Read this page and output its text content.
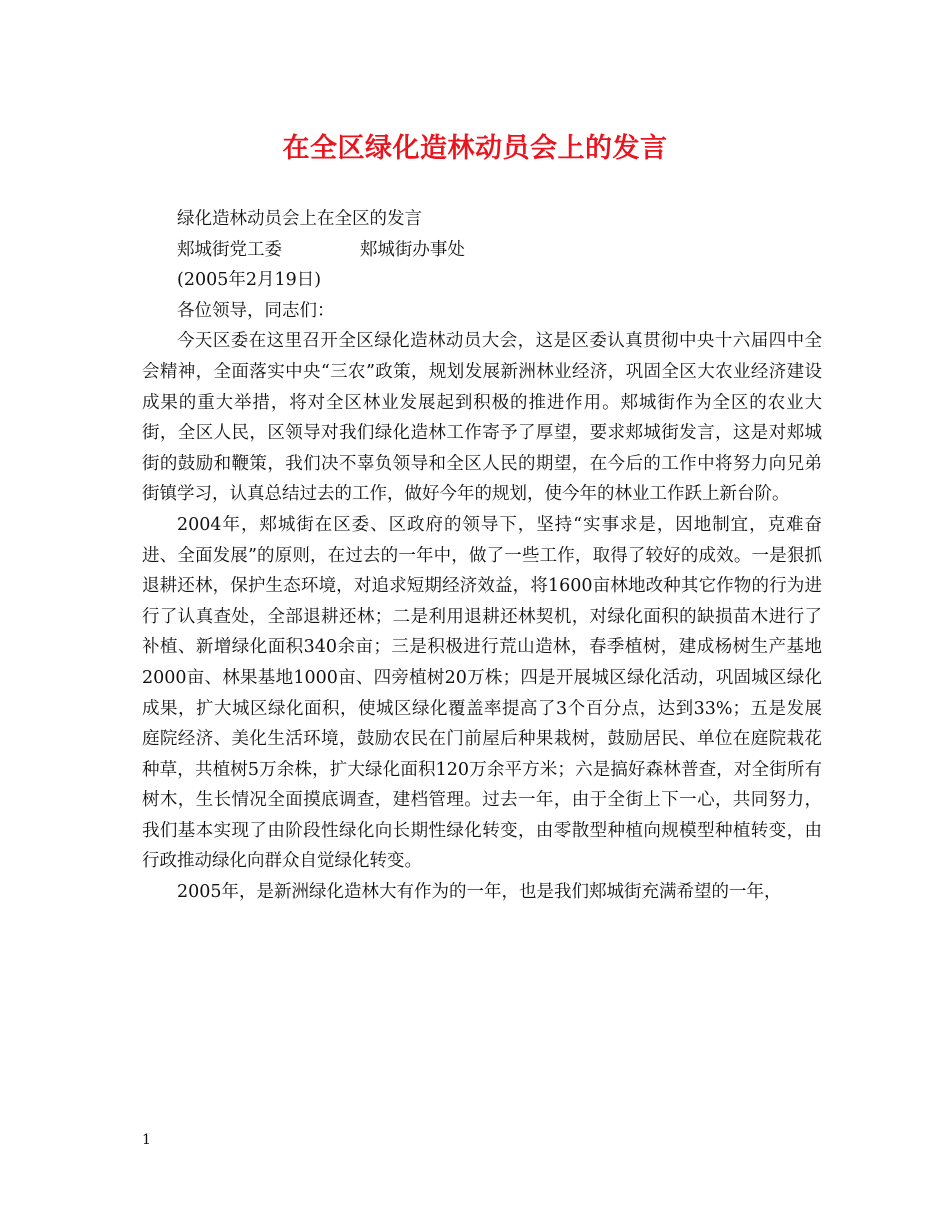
在全区绿化造林动员会上的发言

绿化造林动员会上在全区的发言

郏城街党工委              郏城街办事处

(2005年2月19日)

各位领导，同志们：

今天区委在这里召开全区绿化造林动员大会，这是区委认真贯彻中央十六届四中全会精神，全面落实中央“三农”政策，规划发展新洲林业经济，巩固全区大农业经济建设成果的重大举措，将对全区林业发展起到积极的推进作用。郏城街作为全区的农业大街，全区人民，区领导对我们绿化造林工作寄予了厚望，要求郏城街发言，这是对郏城街的鼓励和鞭策，我们决不辜负领导和全区人民的期望，在今后的工作中将努力向兄弟街镇学习，认真总结过去的工作，做好今年的规划，使今年的林业工作跃上新台阶。

2004年，郏城街在区委、区政府的领导下，坚持“实事求是，因地制宜，克难奋进、全面发展”的原则，在过去的一年中，做了一些工作，取得了较好的成效。一是狠抓退耕还林，保护生态环境，对追求短期经济效益，将1600亩林地改种其它作物的行为进行了认真查处，全部退耕还林；二是利用退耕还林契机，对绿化面积的缺损苗木进行了补植、新增绿化面积340余亩；三是积极进行荒山造林，春季植树，建成杨树生产基地2000亩、林果基地1000亩、四旁植树20万株；四是开展城区绿化活动，巩固城区绿化成果，扩大城区绿化面积，使城区绿化覆盖率提高了3个百分点，达到33%；五是发展庭院经济、美化生活环境，鼓励农民在门前屋后种果栽树，鼓励居民、单位在庭院栽花种草，共植树5万余株，扩大绿化面积120万余平方米；六是搞好森林普查，对全街所有树木，生长情况全面摸底调查，建档管理。过去一年，由于全街上下一心，共同努力，我们基本实现了由阶段性绿化向长期性绿化转变，由零散型种植向规模型种植转变，由行政推动绿化向群众自觉绿化转变。

2005年，是新洲绿化造林大有作为的一年，也是我们郏城街充满希望的一年，

1
